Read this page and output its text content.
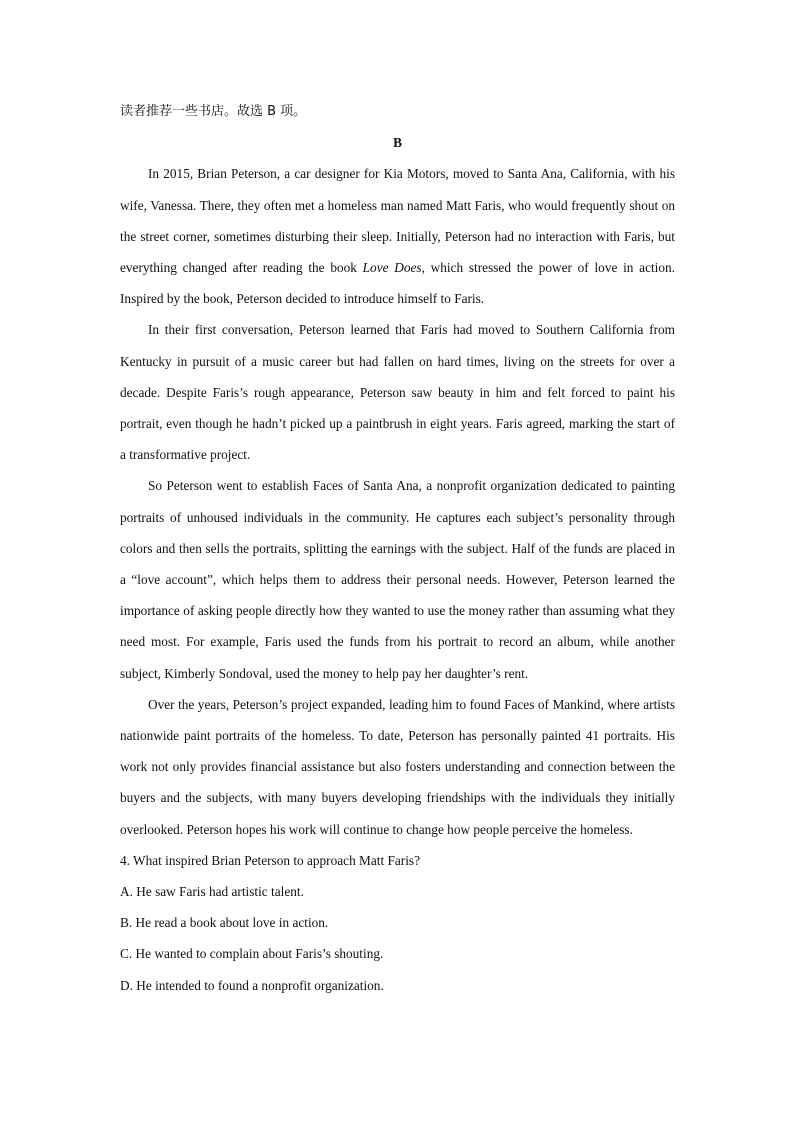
读者推荐一些书店。故选 B 项。

B

In 2015, Brian Peterson, a car designer for Kia Motors, moved to Santa Ana, California, with his wife, Vanessa. There, they often met a homeless man named Matt Faris, who would frequently shout on the street corner, sometimes disturbing their sleep. Initially, Peterson had no interaction with Faris, but everything changed after reading the book Love Does, which stressed the power of love in action. Inspired by the book, Peterson decided to introduce himself to Faris.

In their first conversation, Peterson learned that Faris had moved to Southern California from Kentucky in pursuit of a music career but had fallen on hard times, living on the streets for over a decade. Despite Faris’s rough appearance, Peterson saw beauty in him and felt forced to paint his portrait, even though he hadn’t picked up a paintbrush in eight years. Faris agreed, marking the start of a transformative project.

So Peterson went to establish Faces of Santa Ana, a nonprofit organization dedicated to painting portraits of unhoused individuals in the community. He captures each subject’s personality through colors and then sells the portraits, splitting the earnings with the subject. Half of the funds are placed in a “love account”, which helps them to address their personal needs. However, Peterson learned the importance of asking people directly how they wanted to use the money rather than assuming what they need most. For example, Faris used the funds from his portrait to record an album, while another subject, Kimberly Sondoval, used the money to help pay her daughter’s rent.

Over the years, Peterson’s project expanded, leading him to found Faces of Mankind, where artists nationwide paint portraits of the homeless. To date, Peterson has personally painted 41 portraits. His work not only provides financial assistance but also fosters understanding and connection between the buyers and the subjects, with many buyers developing friendships with the individuals they initially overlooked. Peterson hopes his work will continue to change how people perceive the homeless.

4. What inspired Brian Peterson to approach Matt Faris?

A. He saw Faris had artistic talent.

B. He read a book about love in action.

C. He wanted to complain about Faris’s shouting.

D. He intended to found a nonprofit organization.
